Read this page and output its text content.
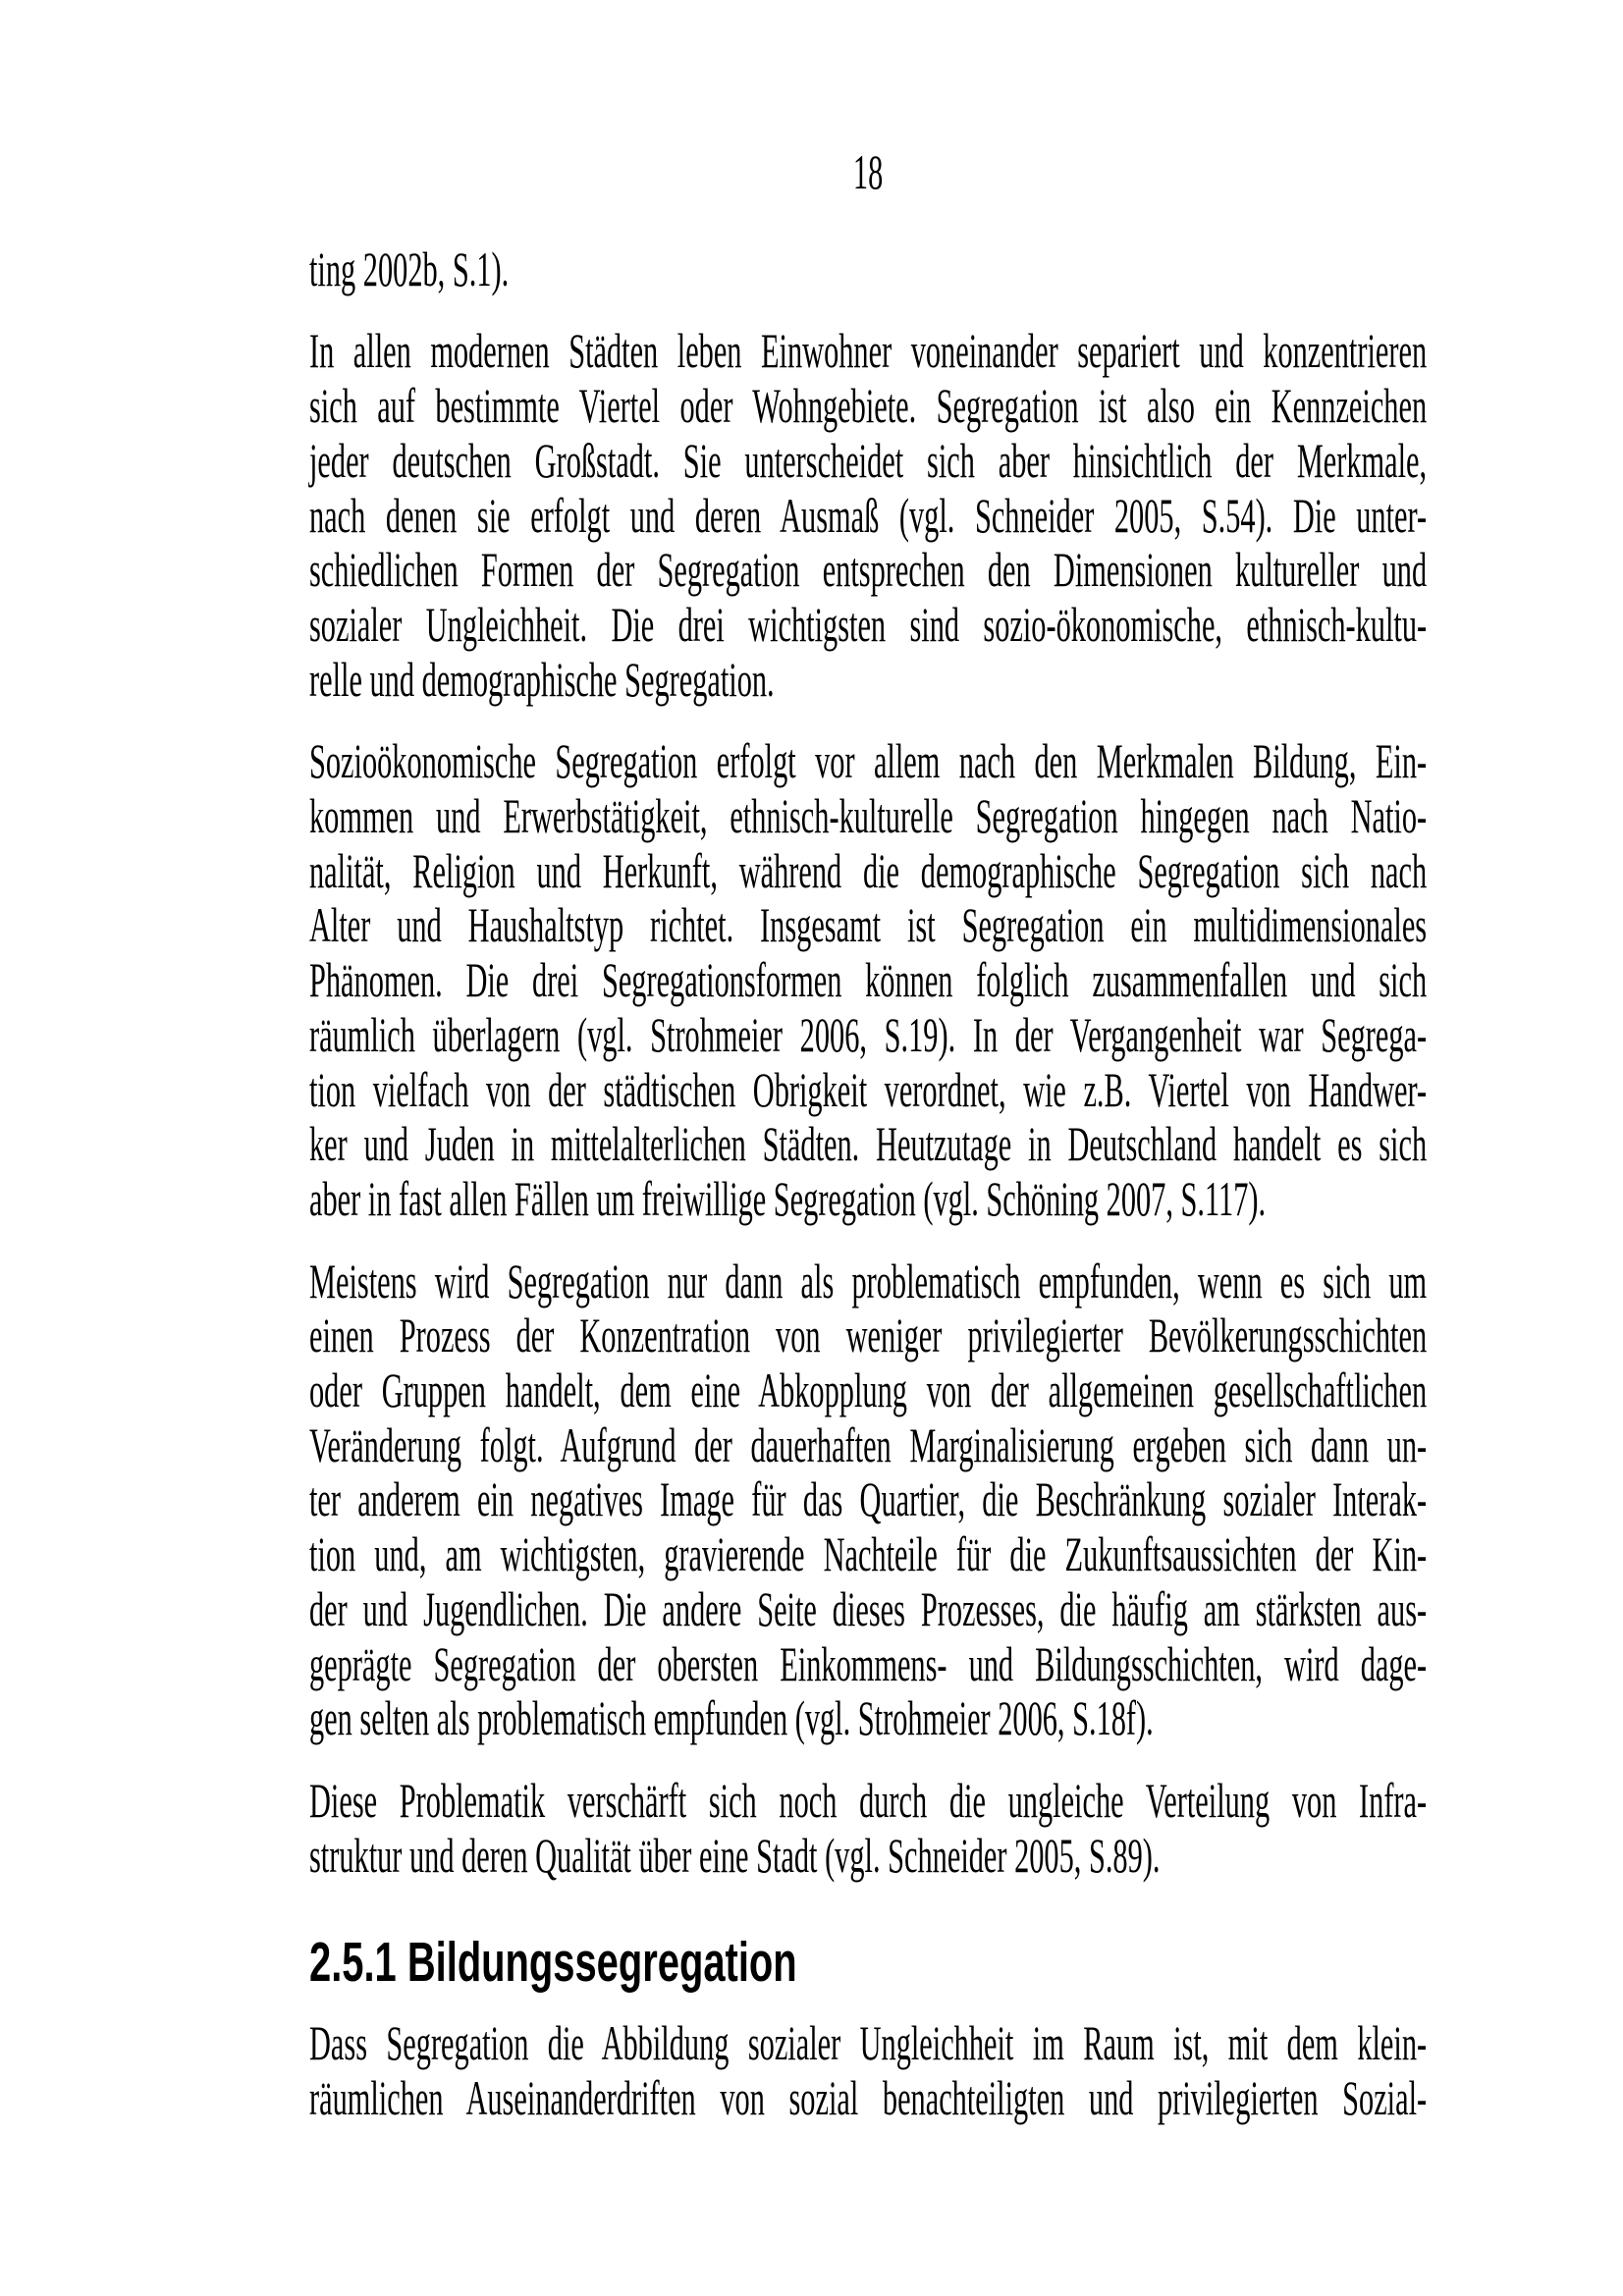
18
ting 2002b, S.1).
In allen modernen Städten leben Einwohner voneinander separiert und konzentrieren
sich auf bestimmte Viertel oder Wohngebiete. Segregation ist also ein Kennzeichen
jeder deutschen Großstadt. Sie unterscheidet sich aber hinsichtlich der Merkmale,
nach denen sie erfolgt und deren Ausmaß (vgl. Schneider 2005, S.54). Die unter-
schiedlichen Formen der Segregation entsprechen den Dimensionen kultureller und
sozialer Ungleichheit. Die drei wichtigsten sind sozio-ökonomische, ethnisch-kultu-
relle und demographische Segregation.
Sozioökonomische Segregation erfolgt vor allem nach den Merkmalen Bildung, Ein-
kommen und Erwerbstätigkeit, ethnisch-kulturelle Segregation hingegen nach Natio-
nalität, Religion und Herkunft, während die demographische Segregation sich nach
Alter und Haushaltstyp richtet. Insgesamt ist Segregation ein multidimensionales
Phänomen. Die drei Segregationsformen können folglich zusammenfallen und sich
räumlich überlagern (vgl. Strohmeier 2006, S.19). In der Vergangenheit war Segrega-
tion vielfach von der städtischen Obrigkeit verordnet, wie z.B. Viertel von Handwer-
ker und Juden in mittelalterlichen Städten. Heutzutage in Deutschland handelt es sich
aber in fast allen Fällen um freiwillige Segregation (vgl. Schöning 2007, S.117).
Meistens wird Segregation nur dann als problematisch empfunden, wenn es sich um
einen Prozess der Konzentration von weniger privilegierter Bevölkerungsschichten
oder Gruppen handelt, dem eine Abkopplung von der allgemeinen gesellschaftlichen
Veränderung folgt. Aufgrund der dauerhaften Marginalisierung ergeben sich dann un-
ter anderem ein negatives Image für das Quartier, die Beschränkung sozialer Interak-
tion und, am wichtigsten, gravierende Nachteile für die Zukunftsaussichten der Kin-
der und Jugendlichen. Die andere Seite dieses Prozesses, die häufig am stärksten aus-
geprägte Segregation der obersten Einkommens- und Bildungsschichten, wird dage-
gen selten als problematisch empfunden (vgl. Strohmeier 2006, S.18f).
Diese Problematik verschärft sich noch durch die ungleiche Verteilung von Infra-
struktur und deren Qualität über eine Stadt (vgl. Schneider 2005, S.89).
2.5.1 Bildungssegregation
Dass Segregation die Abbildung sozialer Ungleichheit im Raum ist, mit dem klein-
räumlichen Auseinanderdriften von sozial benachteiligten und privilegierten Sozial-
